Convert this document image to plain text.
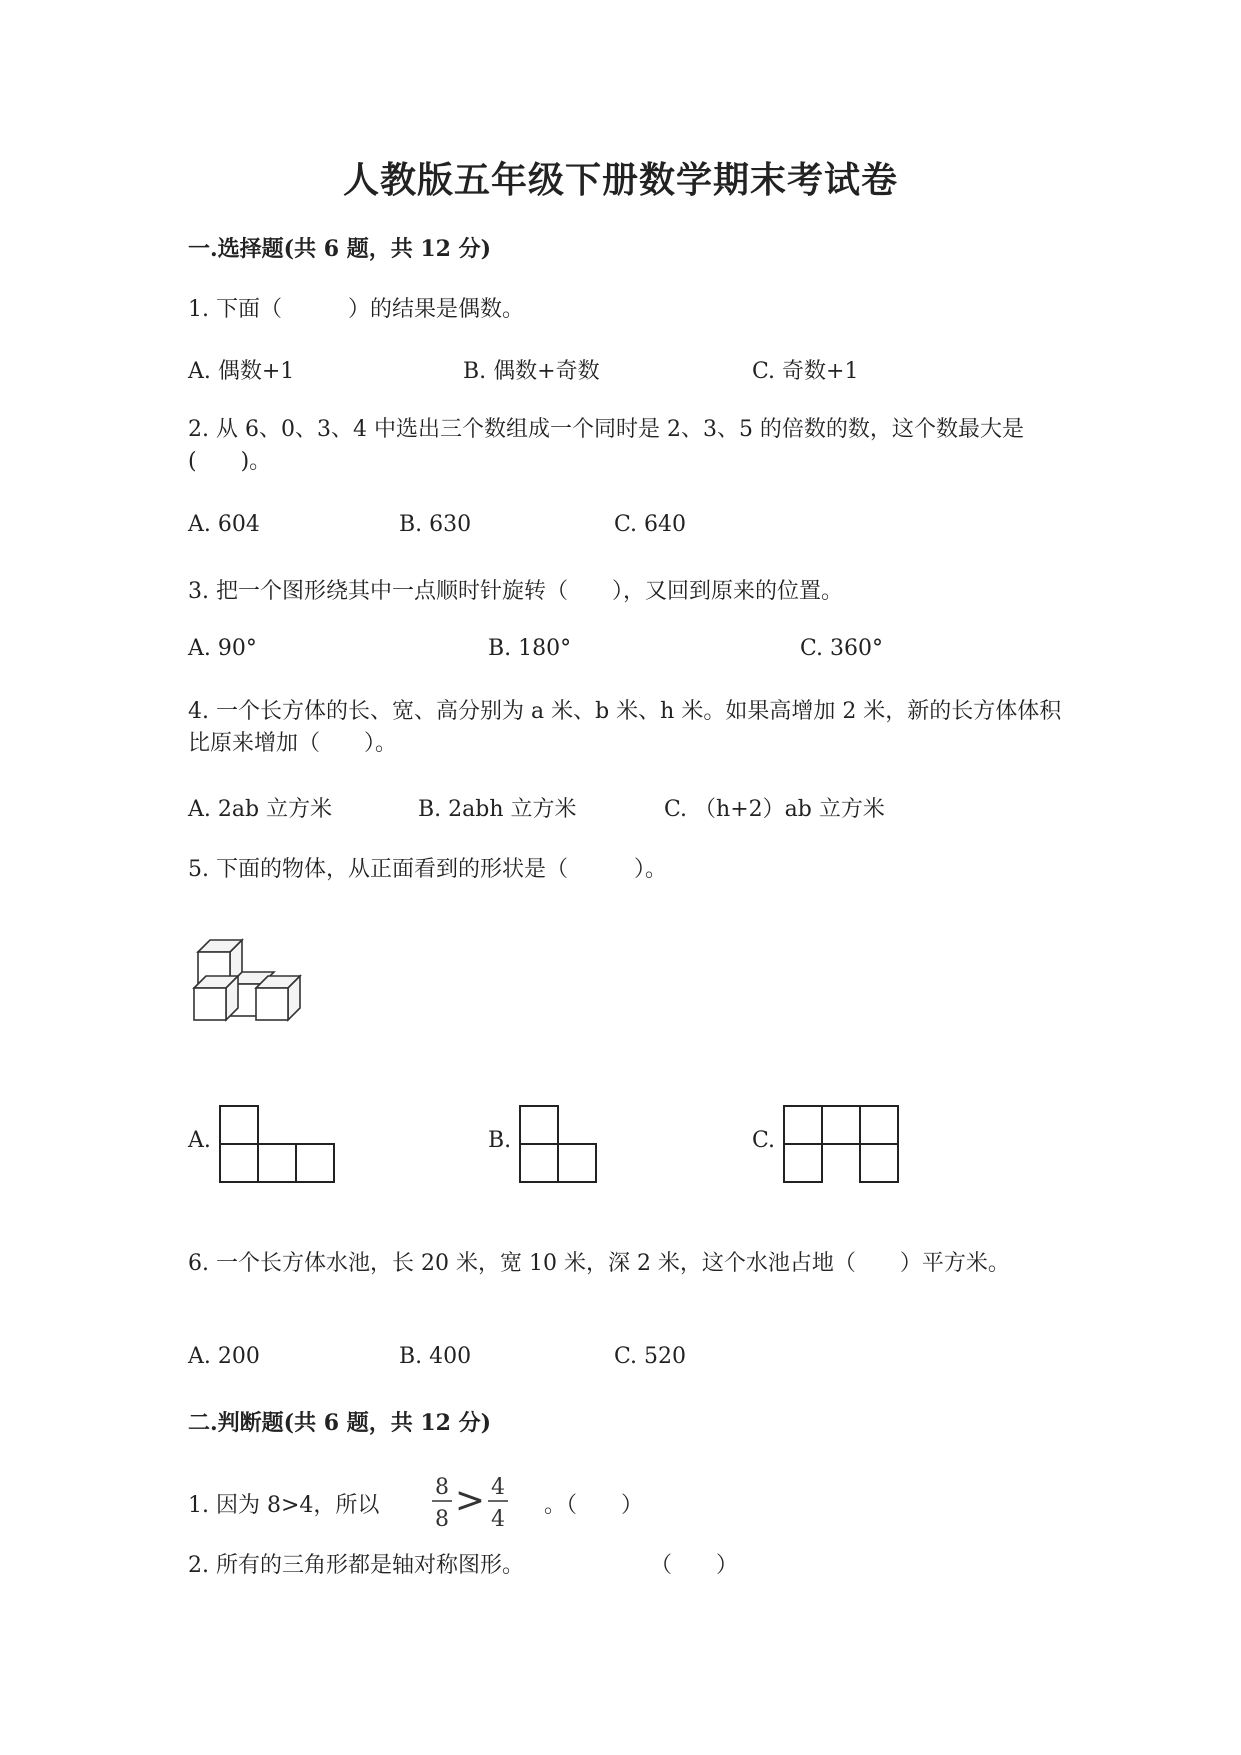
人教版五年级下册数学期末考试卷
一.选择题(共 6 题，共 12 分)
1. 下面（　　　）的结果是偶数。
A. 偶数+1	B. 偶数+奇数	C. 奇数+1
2. 从 6、0、3、4 中选出三个数组成一个同时是 2、3、5 的倍数的数，这个数最大是(　　)。
A. 604	B. 630	C. 640
3. 把一个图形绕其中一点顺时针旋转（　　），又回到原来的位置。
A. 90°	B. 180°	C. 360°
4. 一个长方体的长、宽、高分别为 a 米、b 米、h 米。如果高增加 2 米，新的长方体体积比原来增加（　　）。
A. 2ab 立方米	B. 2abh 立方米	C. （h+2）ab 立方米
5. 下面的物体，从正面看到的形状是（　　　）。
A.	B.	C.
6. 一个长方体水池，长 20 米，宽 10 米，深 2 米，这个水池占地（　　）平方米。
A. 200	B. 400	C. 520
二.判断题(共 6 题，共 12 分)
1. 因为 8>4，所以
8
8 > 4
4
。（　　）
2. 所有的三角形都是轴对称图形。	（　　）
